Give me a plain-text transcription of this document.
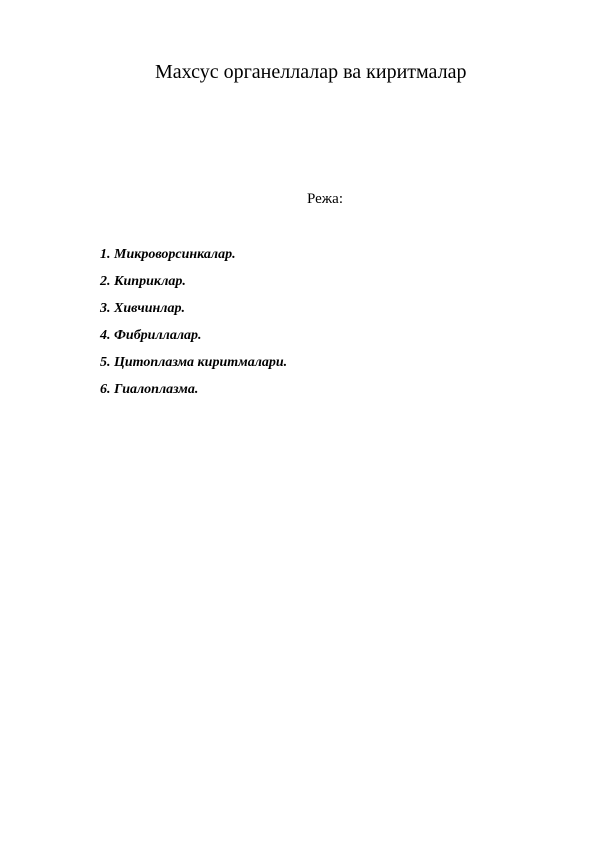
Махсус органеллалар ва киритмалар
Режа:
1. Микроворсинкалар.
2. Киприклар.
3. Хивчинлар.
4. Фибриллалар.
5. Цитоплазма киритмалари.
6. Гиалоплазма.
